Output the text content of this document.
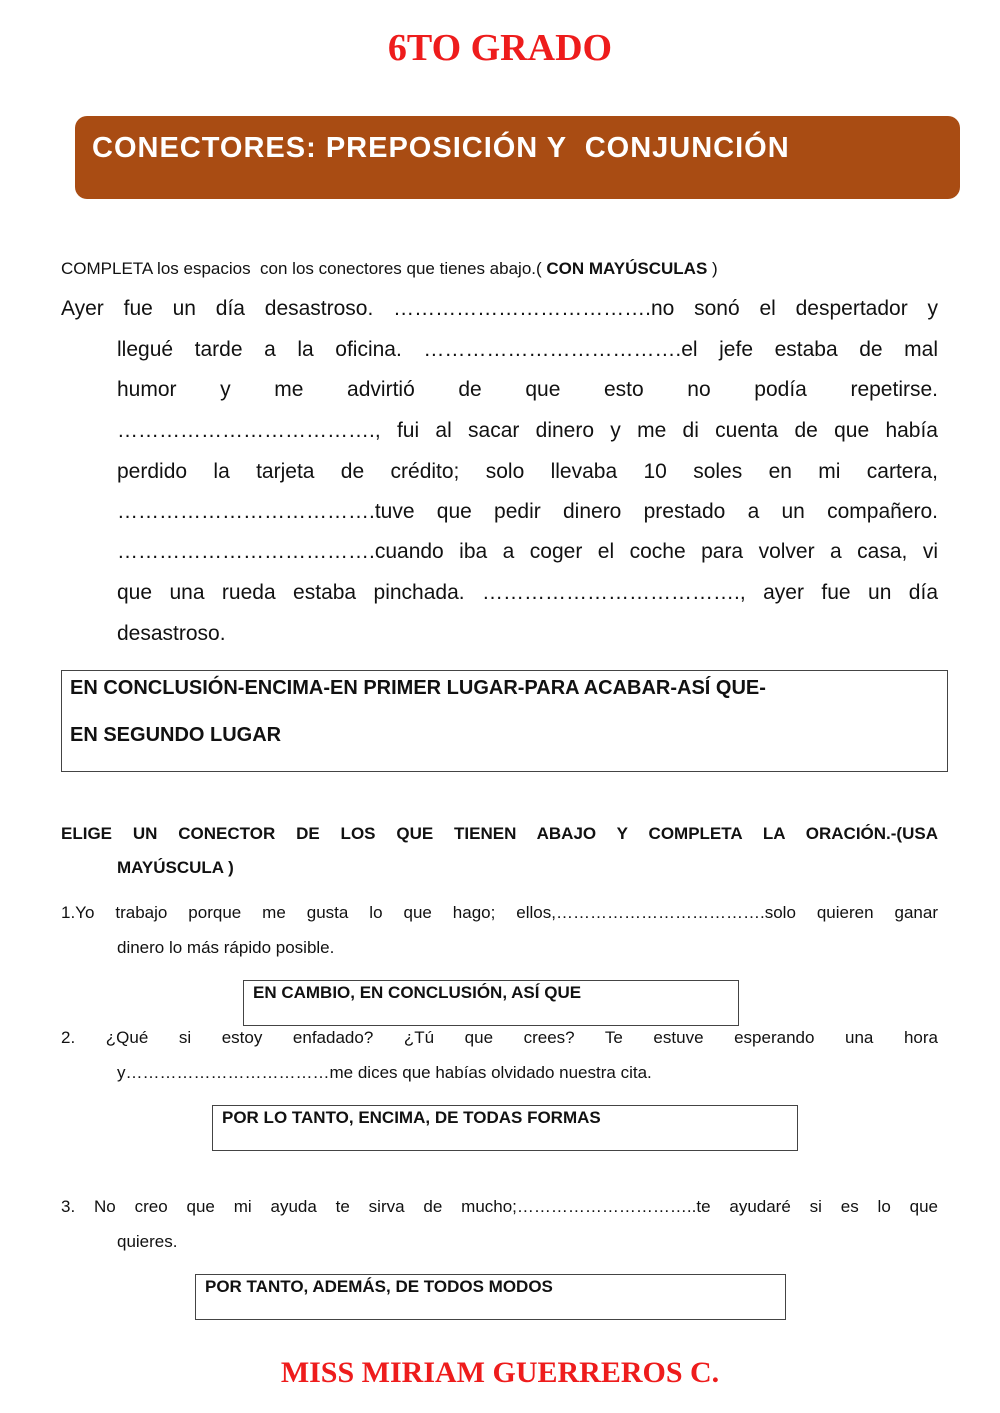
6TO GRADO
CONECTORES: PREPOSICIÓN Y  CONJUNCIÓN
COMPLETA los espacios  con los conectores que tienes abajo.( CON MAYÚSCULAS )
Ayer fue un día desastroso. ……………………………….no sonó el despertador y
llegué tarde a la oficina. ……………………………….el jefe estaba de mal
humor y me advirtió de que esto no podía repetirse.
………………………………., fui al sacar dinero y me di cuenta de que había
perdido la tarjeta de crédito; solo llevaba 10 soles en mi cartera,
……………………………….tuve que pedir dinero prestado a un compañero.
……………………………….cuando iba a coger el coche para volver a casa, vi
que una rueda estaba pinchada. ………………………………., ayer fue un día
desastroso.
EN CONCLUSIÓN-ENCIMA-EN PRIMER LUGAR-PARA ACABAR-ASÍ QUE-
EN SEGUNDO LUGAR
ELIGE UN CONECTOR DE LOS QUE TIENEN ABAJO Y COMPLETA LA ORACIÓN.-(USA
MAYÚSCULA )
1.Yo trabajo porque me gusta lo que hago; ellos,……………………………….solo quieren ganar
dinero lo más rápido posible.
EN CAMBIO, EN CONCLUSIÓN, ASÍ QUE
2. ¿Qué si estoy enfadado? ¿Tú que crees? Te estuve esperando una hora
y………………………………me dices que habías olvidado nuestra cita.
POR LO TANTO, ENCIMA, DE TODAS FORMAS
3. No creo que mi ayuda te sirva de mucho;…………………………..te ayudaré si es lo que
quieres.
POR TANTO, ADEMÁS, DE TODOS MODOS
MISS MIRIAM GUERREROS C.
